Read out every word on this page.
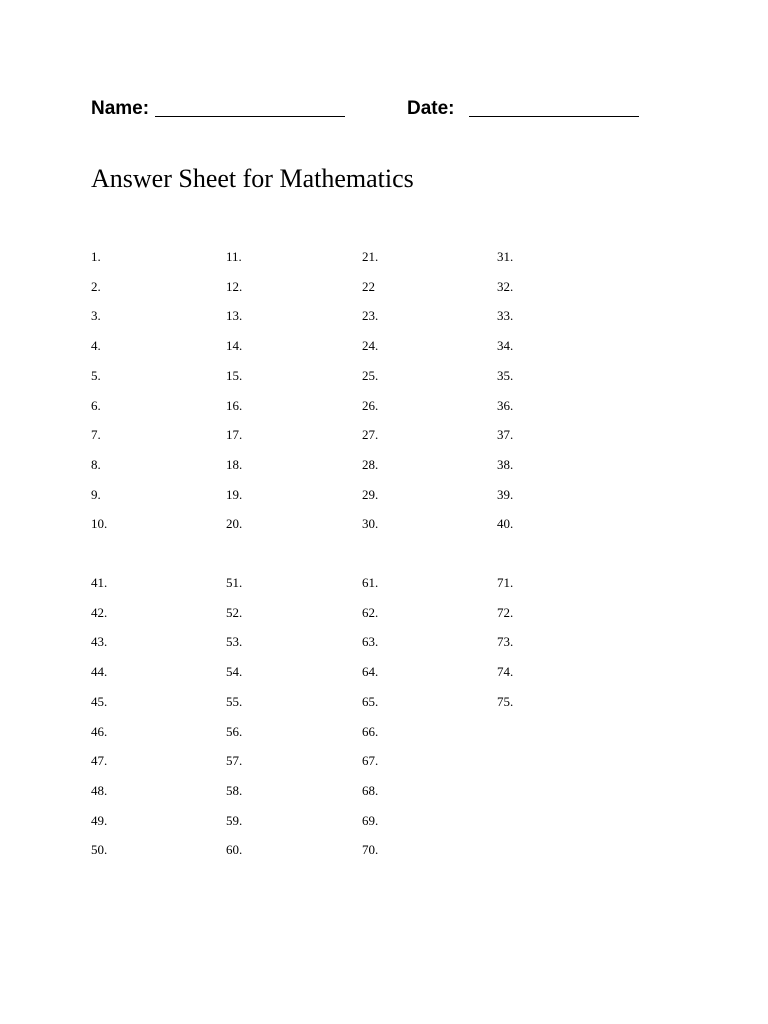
Name:	Date:
Answer Sheet for Mathematics
1.
2.
3.
4.
5.
6.
7.
8.
9.
10.
11.
12.
13.
14.
15.
16.
17.
18.
19.
20.
21.
22
23.
24.
25.
26.
27.
28.
29.
30.
31.
32.
33.
34.
35.
36.
37.
38.
39.
40.
41.
42.
43.
44.
45.
46.
47.
48.
49.
50.
51.
52.
53.
54.
55.
56.
57.
58.
59.
60.
61.
62.
63.
64.
65.
66.
67.
68.
69.
70.
71.
72.
73.
74.
75.
